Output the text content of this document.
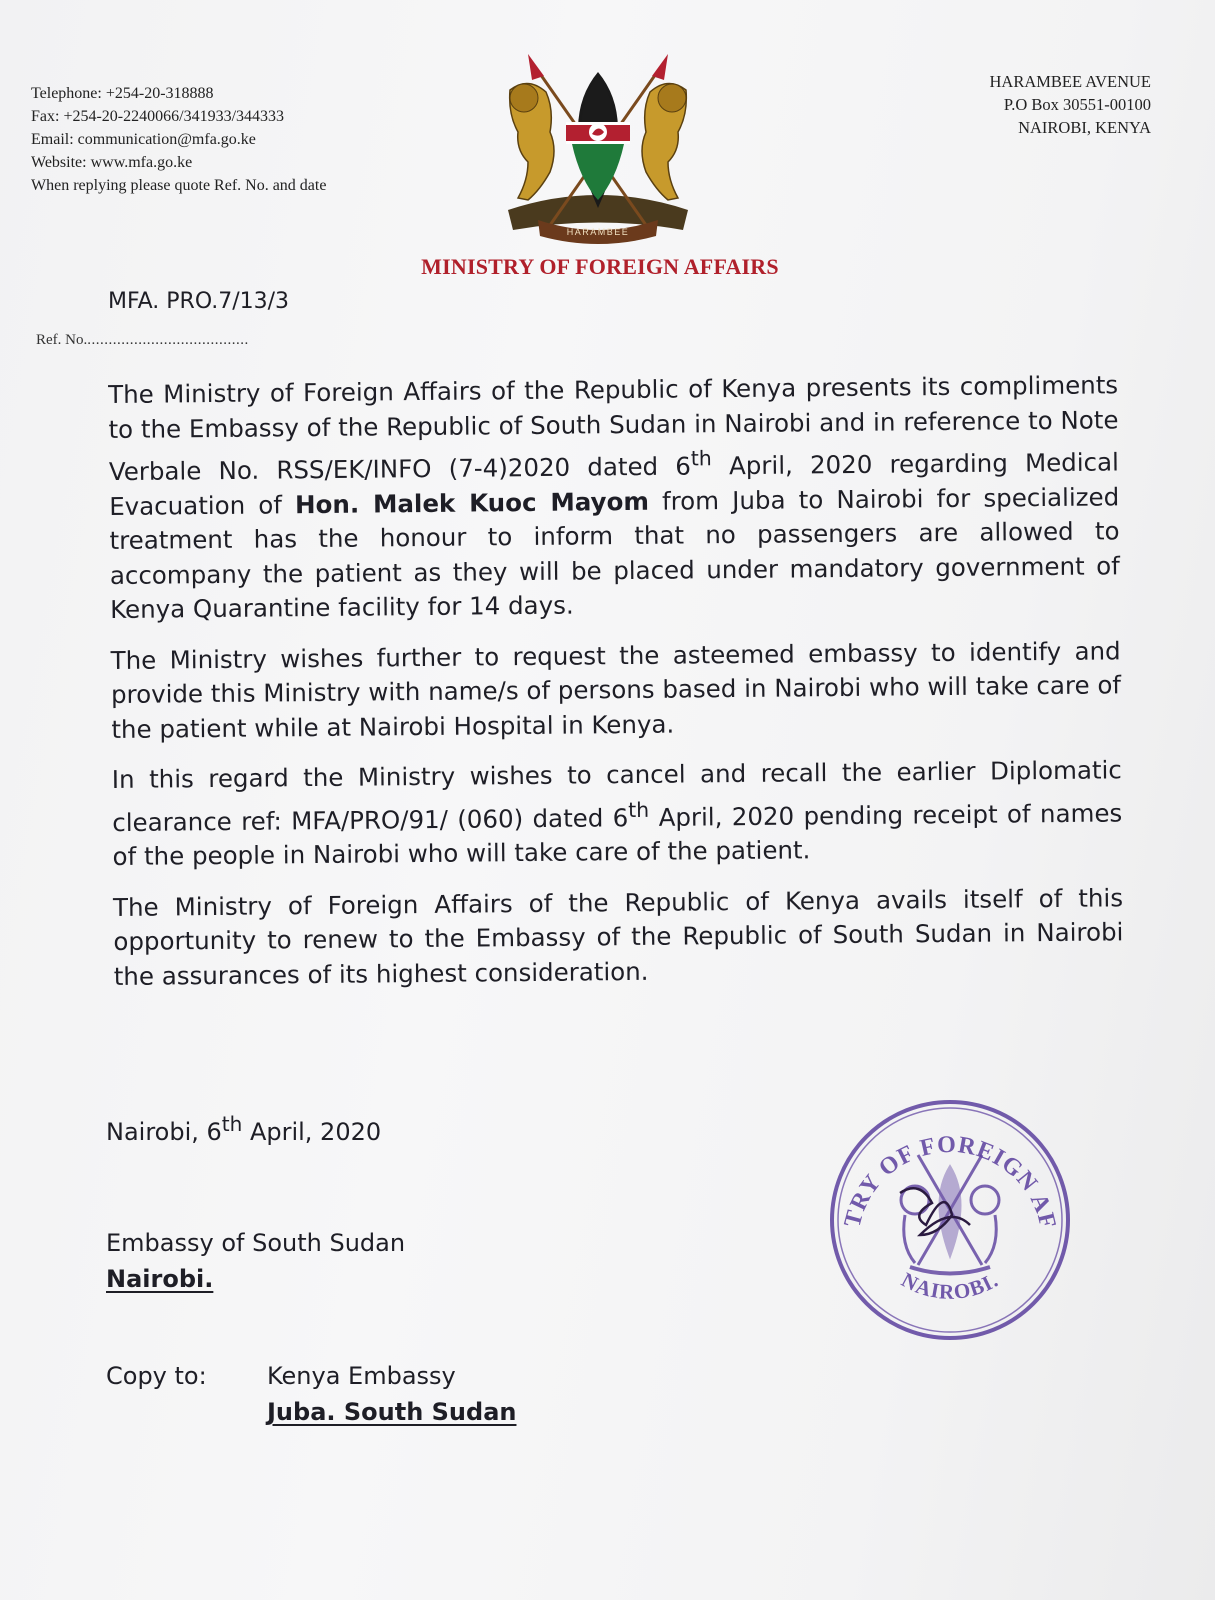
Telephone: +254-20-318888
Fax: +254-20-2240066/341933/344333
Email: communication@mfa.go.ke
Website: www.mfa.go.ke
When replying please quote Ref. No. and date
HARAMBEE AVENUE
P.O Box 30551-00100
NAIROBI, KENYA
HARAMBEE
MINISTRY OF FOREIGN AFFAIRS
MFA. PRO.7/13/3
Ref. No.......................................

The Ministry of Foreign Affairs of the Republic of Kenya presents its compliments to the Embassy of the Republic of South Sudan in Nairobi and in reference to Note Verbale No. RSS/EK/INFO (7-4)2020 dated 6th April, 2020 regarding Medical Evacuation of Hon. Malek Kuoc Mayom from Juba to Nairobi for specialized treatment has the honour to inform that no passengers are allowed to accompany the patient as they will be placed under mandatory government of Kenya Quarantine facility for 14 days.

The Ministry wishes further to request the asteemed embassy to identify and provide this Ministry with name/s of persons based in Nairobi who will take care of the patient while at Nairobi Hospital in Kenya.

In this regard the Ministry wishes to cancel and recall the earlier Diplomatic clearance ref: MFA/PRO/91/ (060) dated 6th April, 2020 pending receipt of names of the people in Nairobi who will take care of the patient.

The Ministry of Foreign Affairs of the Republic of Kenya avails itself of this opportunity to renew to the Embassy of the Republic of South Sudan in Nairobi the assurances of its highest consideration.

Nairobi, 6th April, 2020
Embassy of South Sudan
Nairobi.
Copy to:	Kenya Embassy
Juba. South Sudan
TRY OF FOREIGN AF
NAIROBI.
